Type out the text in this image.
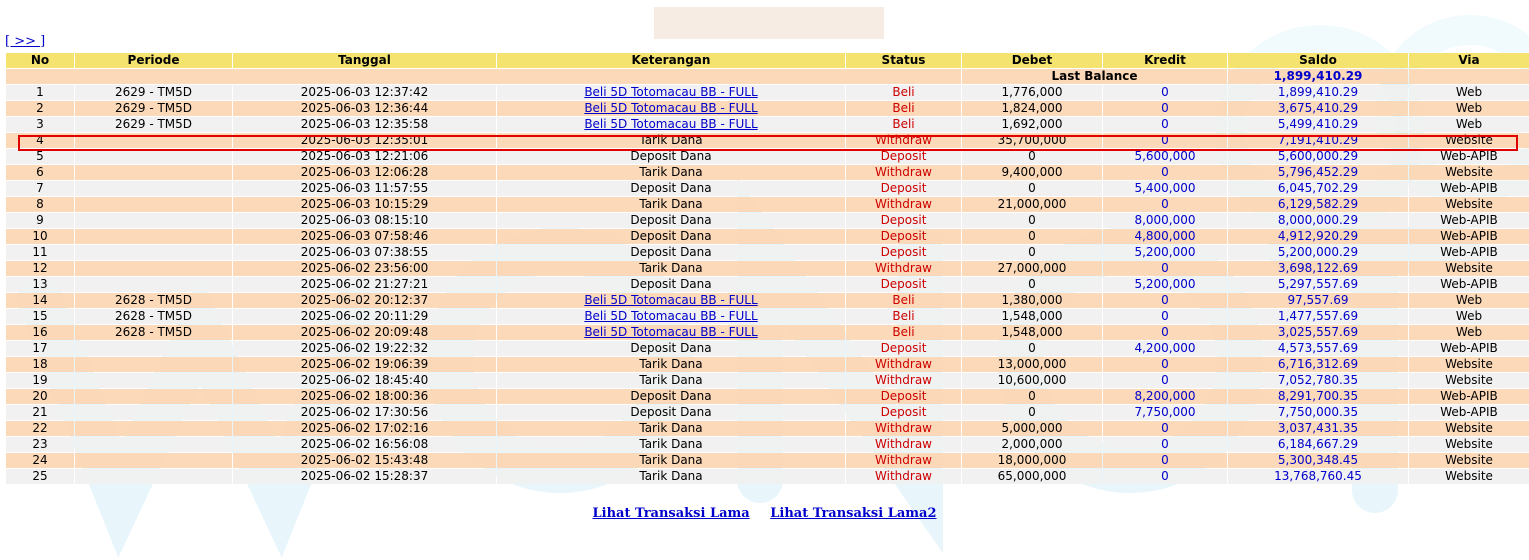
[ >> ]
No	Periode	Tanggal	Keterangan	Status	Debet	Kredit	Saldo	Via
					Last Balance		1,899,410.29	
1	2629 - TM5D	2025-06-03 12:37:42	Beli 5D Totomacau BB - FULL	Beli	1,776,000	0	1,899,410.29	Web
2	2629 - TM5D	2025-06-03 12:36:44	Beli 5D Totomacau BB - FULL	Beli	1,824,000	0	3,675,410.29	Web
3	2629 - TM5D	2025-06-03 12:35:58	Beli 5D Totomacau BB - FULL	Beli	1,692,000	0	5,499,410.29	Web
4		2025-06-03 12:35:01	Tarik Dana	Withdraw	35,700,000	0	7,191,410.29	Website
5		2025-06-03 12:21:06	Deposit Dana	Deposit	0	5,600,000	5,600,000.29	Web-APIB
6		2025-06-03 12:06:28	Tarik Dana	Withdraw	9,400,000	0	5,796,452.29	Website
7		2025-06-03 11:57:55	Deposit Dana	Deposit	0	5,400,000	6,045,702.29	Web-APIB
8		2025-06-03 10:15:29	Tarik Dana	Withdraw	21,000,000	0	6,129,582.29	Website
9		2025-06-03 08:15:10	Deposit Dana	Deposit	0	8,000,000	8,000,000.29	Web-APIB
10		2025-06-03 07:58:46	Deposit Dana	Deposit	0	4,800,000	4,912,920.29	Web-APIB
11		2025-06-03 07:38:55	Deposit Dana	Deposit	0	5,200,000	5,200,000.29	Web-APIB
12		2025-06-02 23:56:00	Tarik Dana	Withdraw	27,000,000	0	3,698,122.69	Website
13		2025-06-02 21:27:21	Deposit Dana	Deposit	0	5,200,000	5,297,557.69	Web-APIB
14	2628 - TM5D	2025-06-02 20:12:37	Beli 5D Totomacau BB - FULL	Beli	1,380,000	0	97,557.69	Web
15	2628 - TM5D	2025-06-02 20:11:29	Beli 5D Totomacau BB - FULL	Beli	1,548,000	0	1,477,557.69	Web
16	2628 - TM5D	2025-06-02 20:09:48	Beli 5D Totomacau BB - FULL	Beli	1,548,000	0	3,025,557.69	Web
17		2025-06-02 19:22:32	Deposit Dana	Deposit	0	4,200,000	4,573,557.69	Web-APIB
18		2025-06-02 19:06:39	Tarik Dana	Withdraw	13,000,000	0	6,716,312.69	Website
19		2025-06-02 18:45:40	Tarik Dana	Withdraw	10,600,000	0	7,052,780.35	Website
20		2025-06-02 18:00:36	Deposit Dana	Deposit	0	8,200,000	8,291,700.35	Web-APIB
21		2025-06-02 17:30:56	Deposit Dana	Deposit	0	7,750,000	7,750,000.35	Web-APIB
22		2025-06-02 17:02:16	Tarik Dana	Withdraw	5,000,000	0	3,037,431.35	Website
23		2025-06-02 16:56:08	Tarik Dana	Withdraw	2,000,000	0	6,184,667.29	Website
24		2025-06-02 15:43:48	Tarik Dana	Withdraw	18,000,000	0	5,300,348.45	Website
25		2025-06-02 15:28:37	Tarik Dana	Withdraw	65,000,000	0	13,768,760.45	Website
Lihat Transaksi Lama Lihat Transaksi Lama2
